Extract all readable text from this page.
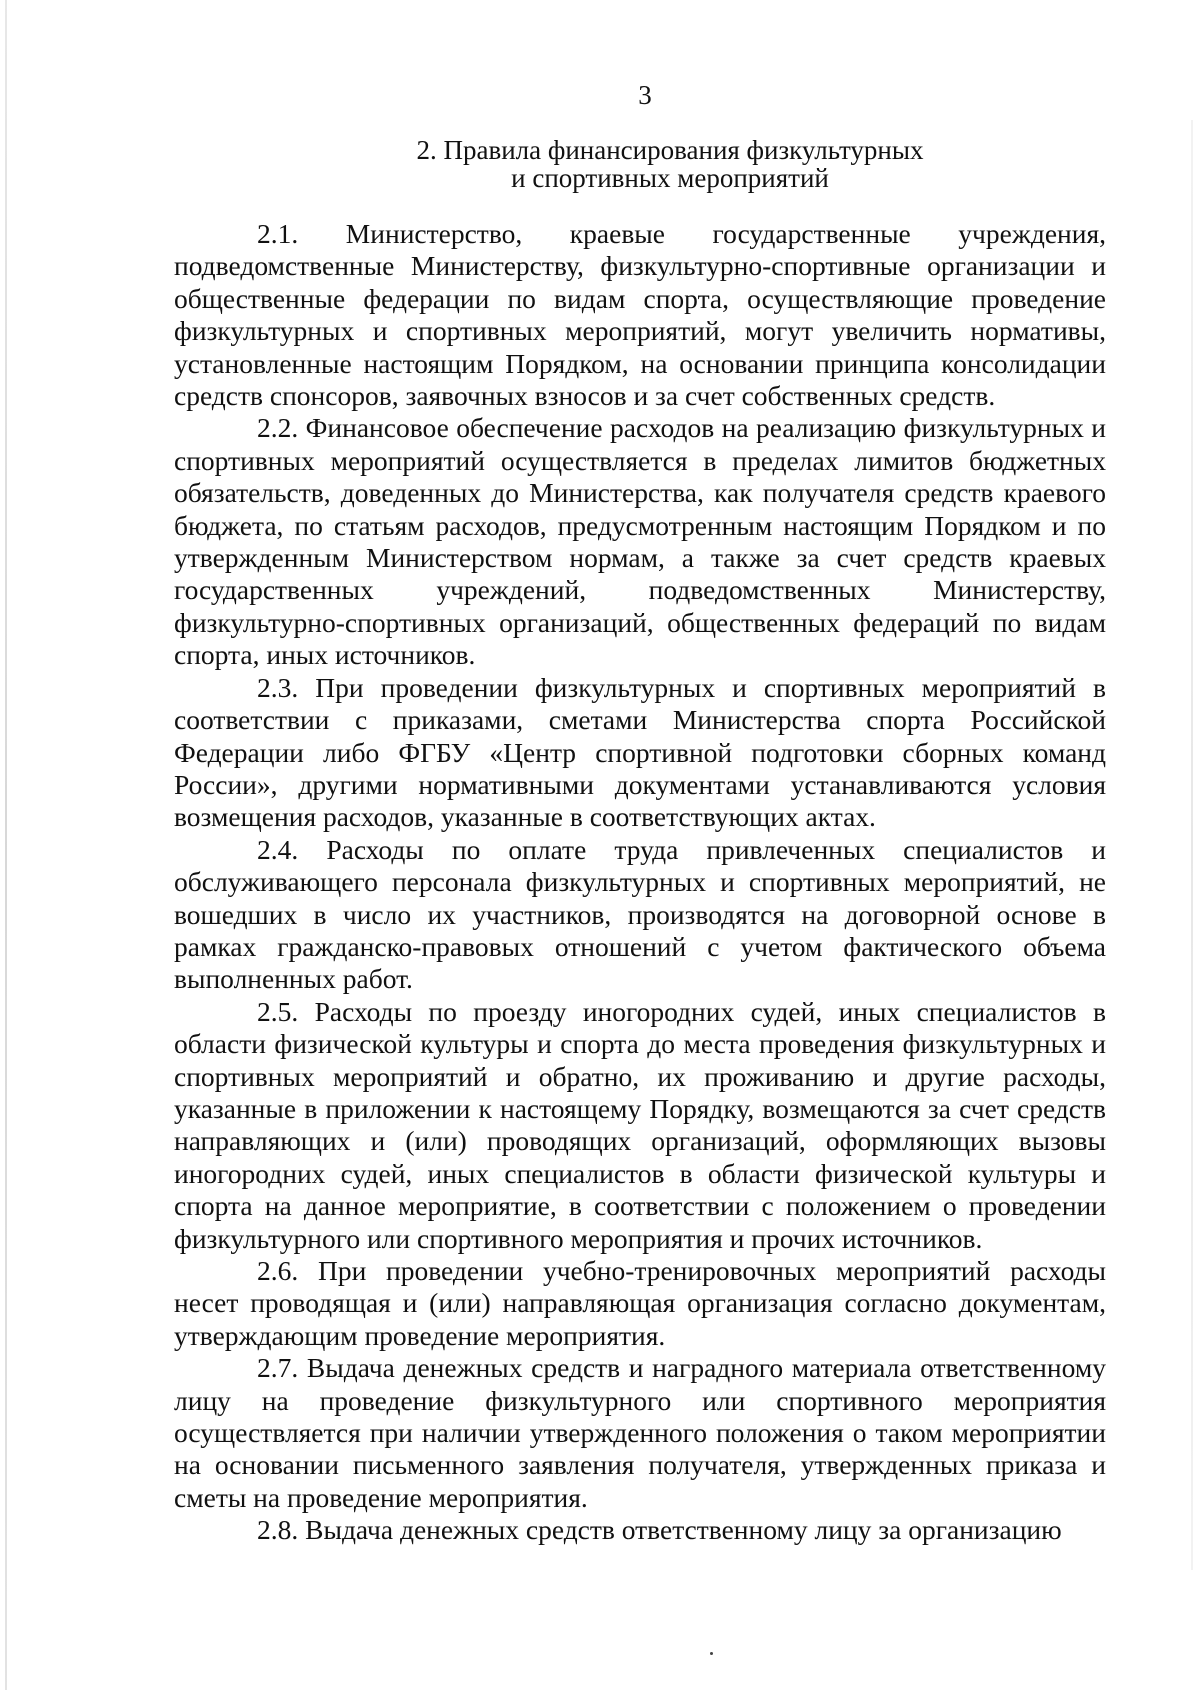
3
2. Правила финансирования физкультурных
и спортивных мероприятий

2.1. Министерство, краевые государственные учреждения, подведомственные Министерству, физкультурно-спортивные организации и общественные федерации по видам спорта, осуществляющие проведение физкультурных и спортивных мероприятий, могут увеличить нормативы, установленные настоящим Порядком, на основании принципа консолидации средств спонсоров, заявочных взносов и за счет собственных средств.

2.2. Финансовое обеспечение расходов на реализацию физкультурных и спортивных мероприятий осуществляется в пределах лимитов бюджетных обязательств, доведенных до Министерства, как получателя средств краевого бюджета, по статьям расходов, предусмотренным настоящим Порядком и по утвержденным Министерством нормам, а также за счет средств краевых государственных учреждений, подведомственных Министерству, физкультурно-спортивных организаций, общественных федераций по видам спорта, иных источников.

2.3. При проведении физкультурных и спортивных мероприятий в соответствии с приказами, сметами Министерства спорта Российской Федерации либо ФГБУ «Центр спортивной подготовки сборных команд России», другими нормативными документами устанавливаются условия возмещения расходов, указанные в соответствующих актах.

2.4. Расходы по оплате труда привлеченных специалистов и обслуживающего персонала физкультурных и спортивных мероприятий, не вошедших в число их участников, производятся на договорной основе в рамках гражданско-правовых отношений с учетом фактического объема выполненных работ.

2.5. Расходы по проезду иногородних судей, иных специалистов в области физической культуры и спорта до места проведения физкультурных и спортивных мероприятий и обратно, их проживанию и другие расходы, указанные в приложении к настоящему Порядку, возмещаются за счет средств направляющих и (или) проводящих организаций, оформляющих вызовы иногородних судей, иных специалистов в области физической культуры и спорта на данное мероприятие, в соответствии с положением о проведении физкультурного или спортивного мероприятия и прочих источников.

2.6. При проведении учебно-тренировочных мероприятий расходы несет проводящая и (или) направляющая организация согласно документам, утверждающим проведение мероприятия.

2.7. Выдача денежных средств и наградного материала ответственному лицу на проведение физкультурного или спортивного мероприятия осуществляется при наличии утвержденного положения о таком мероприятии на основании письменного заявления получателя, утвержденных приказа и сметы на проведение мероприятия.

2.8. Выдача денежных средств ответственному лицу за организацию
